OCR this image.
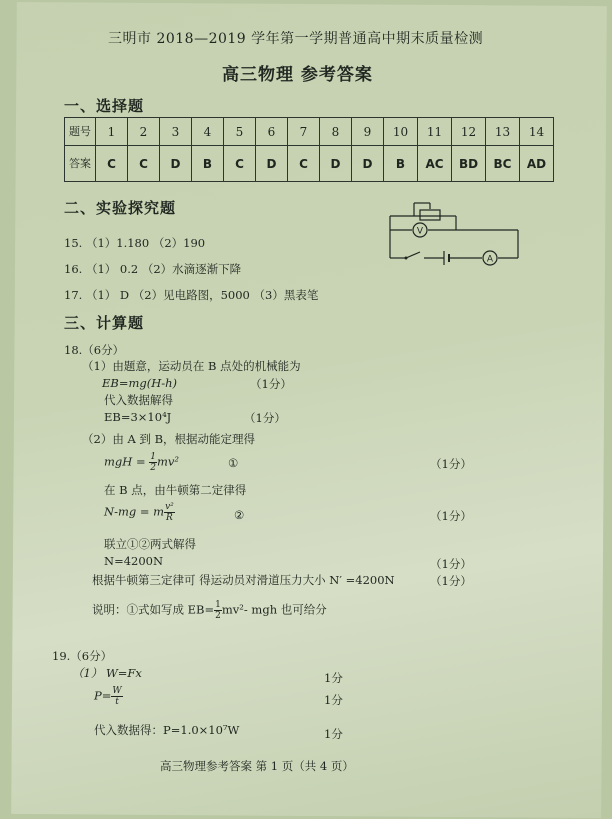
三明市 2018—2019 学年第一学期普通高中期末质量检测
高三物理 参考答案
一、选择题
题号	1	2	3	4	5	6	7	8	9	10	11	12	13	14
答案	C	C	D	B	C	D	C	D	D	B	AC	BD	BC	AD
二、实验探究题
15. （1）1.180 （2）190
16. （1） 0.2 （2）水滴逐渐下降
17. （1） D （2）见电路图，5000 （3）黑表笔
V
A
三、计算题
18.（6分）
（1）由题意，运动员在 B 点处的机械能为
EB=mg(H-h)	（1分）
代入数据解得
EB=3×10⁴J	（1分）
（2）由 A 到 B，根据动能定理得
mgH = $\frac{1}{2} mv^2$	①	（1分）
在 B 点，由牛顿第二定律得
N-mg = m $\frac{\text{v²}}{R}$	②	（1分）
联立①②两式解得
N=4200N	（1分）
根据牛顿第三定律可 得运动员对滑道压力大小 N′ =4200N	（1分）
说明：①式如写成 $EB= \frac{1}{2} mv^2-$ mgh 也可给分
19.（6分）
（1） W=Fx	1分
$P= \frac{W}{t}$	1分
代入数据得：P=1.0×10⁷W	1分
高三物理参考答案 第 1 页（共 4 页）
